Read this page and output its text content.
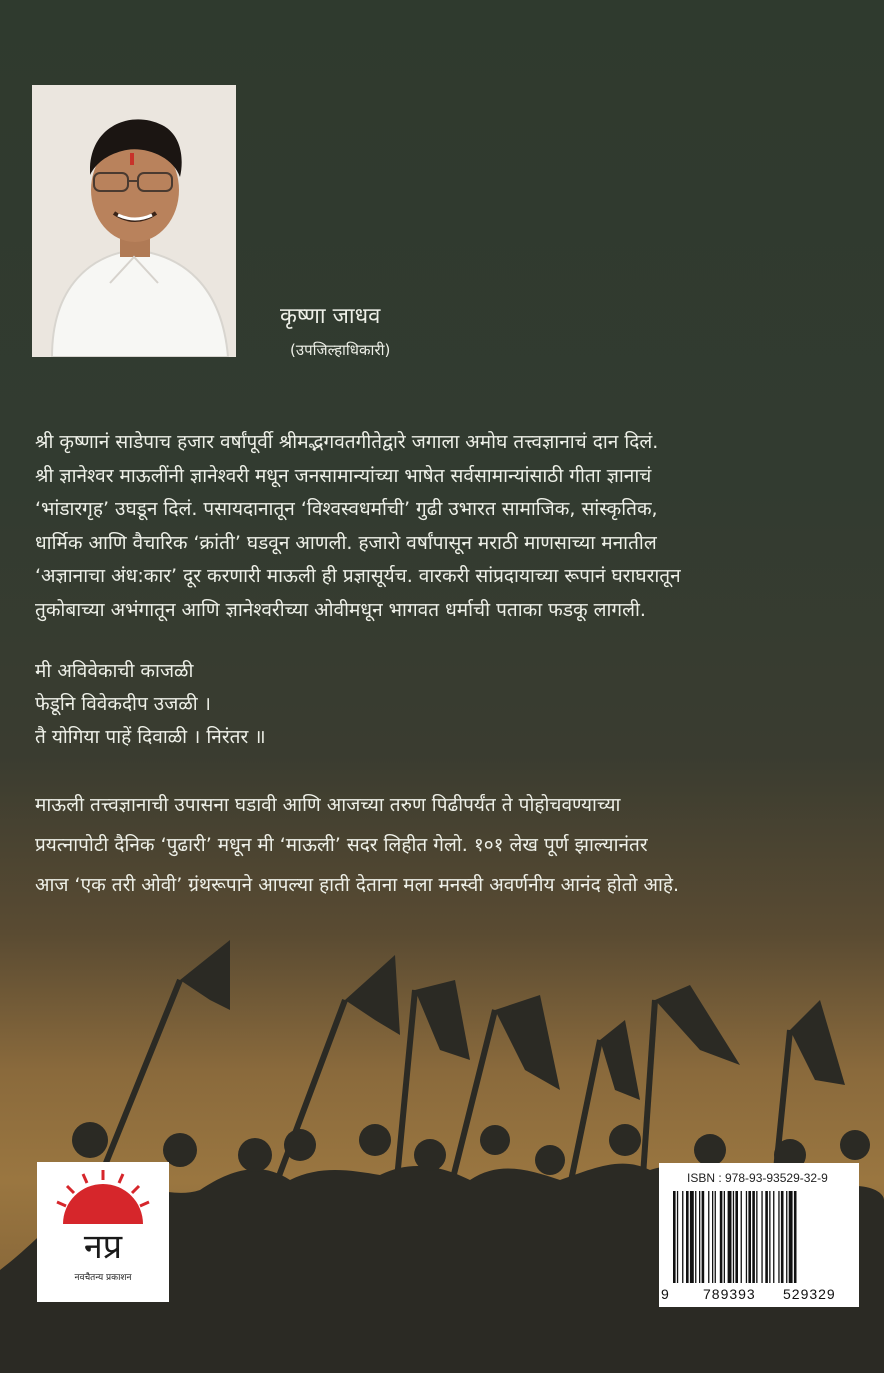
कृष्णा जाधव
(उपजिल्हाधिकारी)
श्री कृष्णानं साडेपाच हजार वर्षांपूर्वी श्रीमद्भगवतगीतेद्वारे जगाला अमोघ तत्त्वज्ञानाचं दान दिलं.
श्री ज्ञानेश्वर माऊलींनी ज्ञानेश्वरी मधून जनसामान्यांच्या भाषेत सर्वसामान्यांसाठी गीता ज्ञानाचं
‘भांडारगृह’ उघडून दिलं. पसायदानातून ‘विश्वस्वधर्माची’ गुढी उभारत सामाजिक, सांस्कृतिक,
धार्मिक आणि वैचारिक ‘क्रांती’ घडवून आणली. हजारो वर्षांपासून मराठी माणसाच्या मनातील
‘अज्ञानाचा अंध:कार’ दूर करणारी माऊली ही प्रज्ञासूर्यच. वारकरी सांप्रदायाच्या रूपानं घराघरातून
तुकोबाच्या अभंगातून आणि ज्ञानेश्वरीच्या ओवीमधून भागवत धर्माची पताका फडकू लागली.
मी अविवेकाची काजळी
फेडूनि विवेकदीप उजळी ।
तै योगिया पाहें दिवाळी । निरंतर ॥
माऊली तत्त्वज्ञानाची उपासना घडावी आणि आजच्या तरुण पिढीपर्यंत ते पोहोचवण्याच्या
प्रयत्नापोटी दैनिक ‘पुढारी’ मधून मी ‘माऊली’ सदर लिहीत गेलो. १०१ लेख पूर्ण झाल्यानंतर
आज ‘एक तरी ओवी’ ग्रंथरूपाने आपल्या हाती देताना मला मनस्वी अवर्णनीय आनंद होतो आहे.
नप्र
नवचैतन्य प्रकाशन
ISBN : 978-93-93529-32-9
9 789393 529329
